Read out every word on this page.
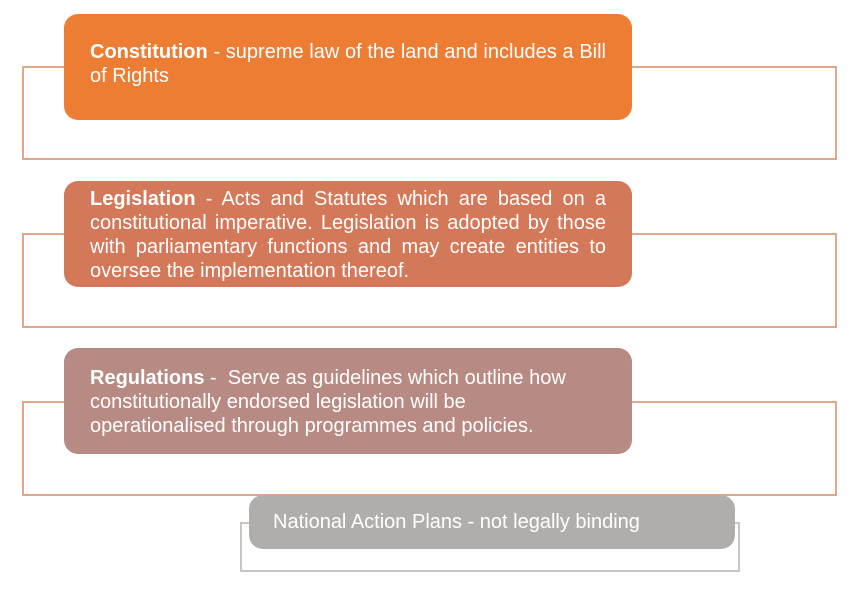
Constitution - supreme law of the land and includes a Bill of Rights
Legislation - Acts and Statutes which are based on a constitutional imperative. Legislation is adopted by those with parliamentary functions and may create entities to oversee the implementation thereof.
Regulations -  Serve as guidelines which outline how constitutionally endorsed legislation will be operationalised through programmes and policies.
National Action Plans - not legally binding
